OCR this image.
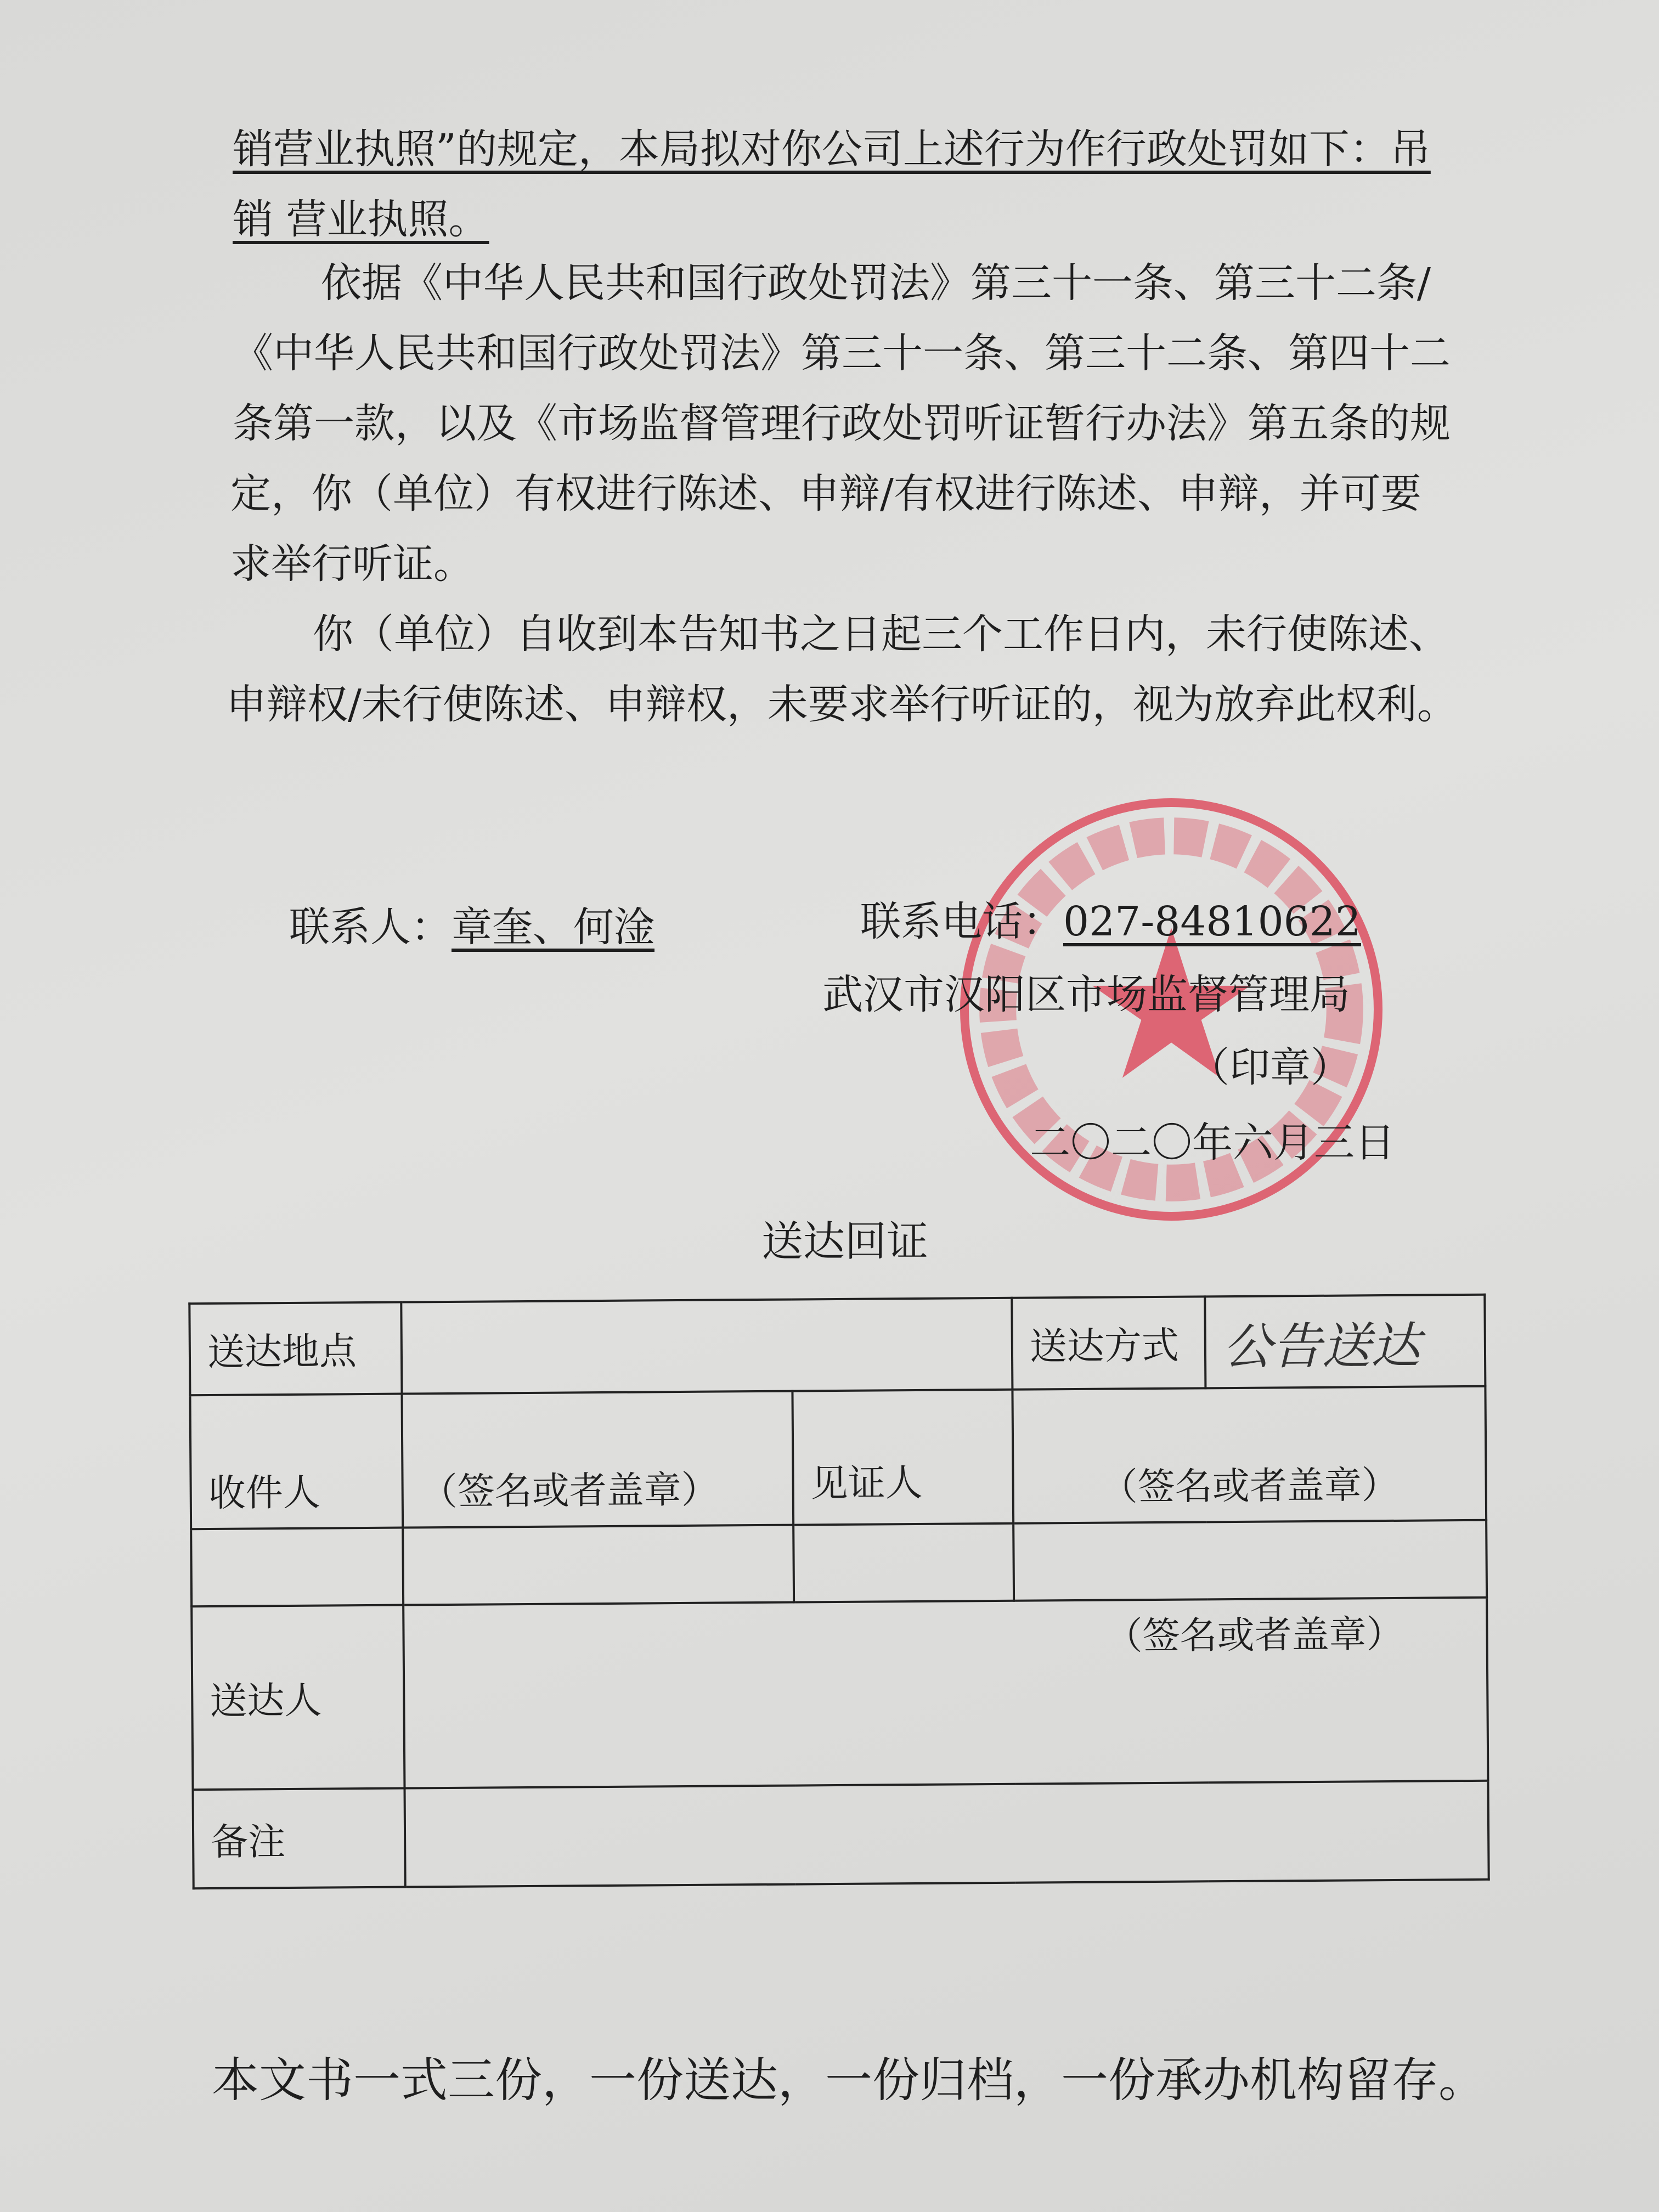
销营业执照”的规定，本局拟对你公司上述行为作行政处罚如下：吊
销 营业执照。
依据《中华人民共和国行政处罚法》第三十一条、第三十二条/
《中华人民共和国行政处罚法》第三十一条、第三十二条、第四十二
条第一款，以及《市场监督管理行政处罚听证暂行办法》第五条的规
定，你（单位）有权进行陈述、申辩/有权进行陈述、申辩，并可要
求举行听证。
你（单位）自收到本告知书之日起三个工作日内，未行使陈述、
申辩权/未行使陈述、申辩权，未要求举行听证的，视为放弃此权利。
联系人：章奎、何淦	联系电话：027-84810622
武汉市汉阳区市场监督管理局
（印章）
二〇二〇年六月三日
送达回证
送达地点			送达方式	公告送达
收件人	（签名或者盖章）	见证人	（签名或者盖章）	

送达人	（签名或者盖章）			
备注				
本文书一式三份，一份送达，一份归档，一份承办机构留存。
